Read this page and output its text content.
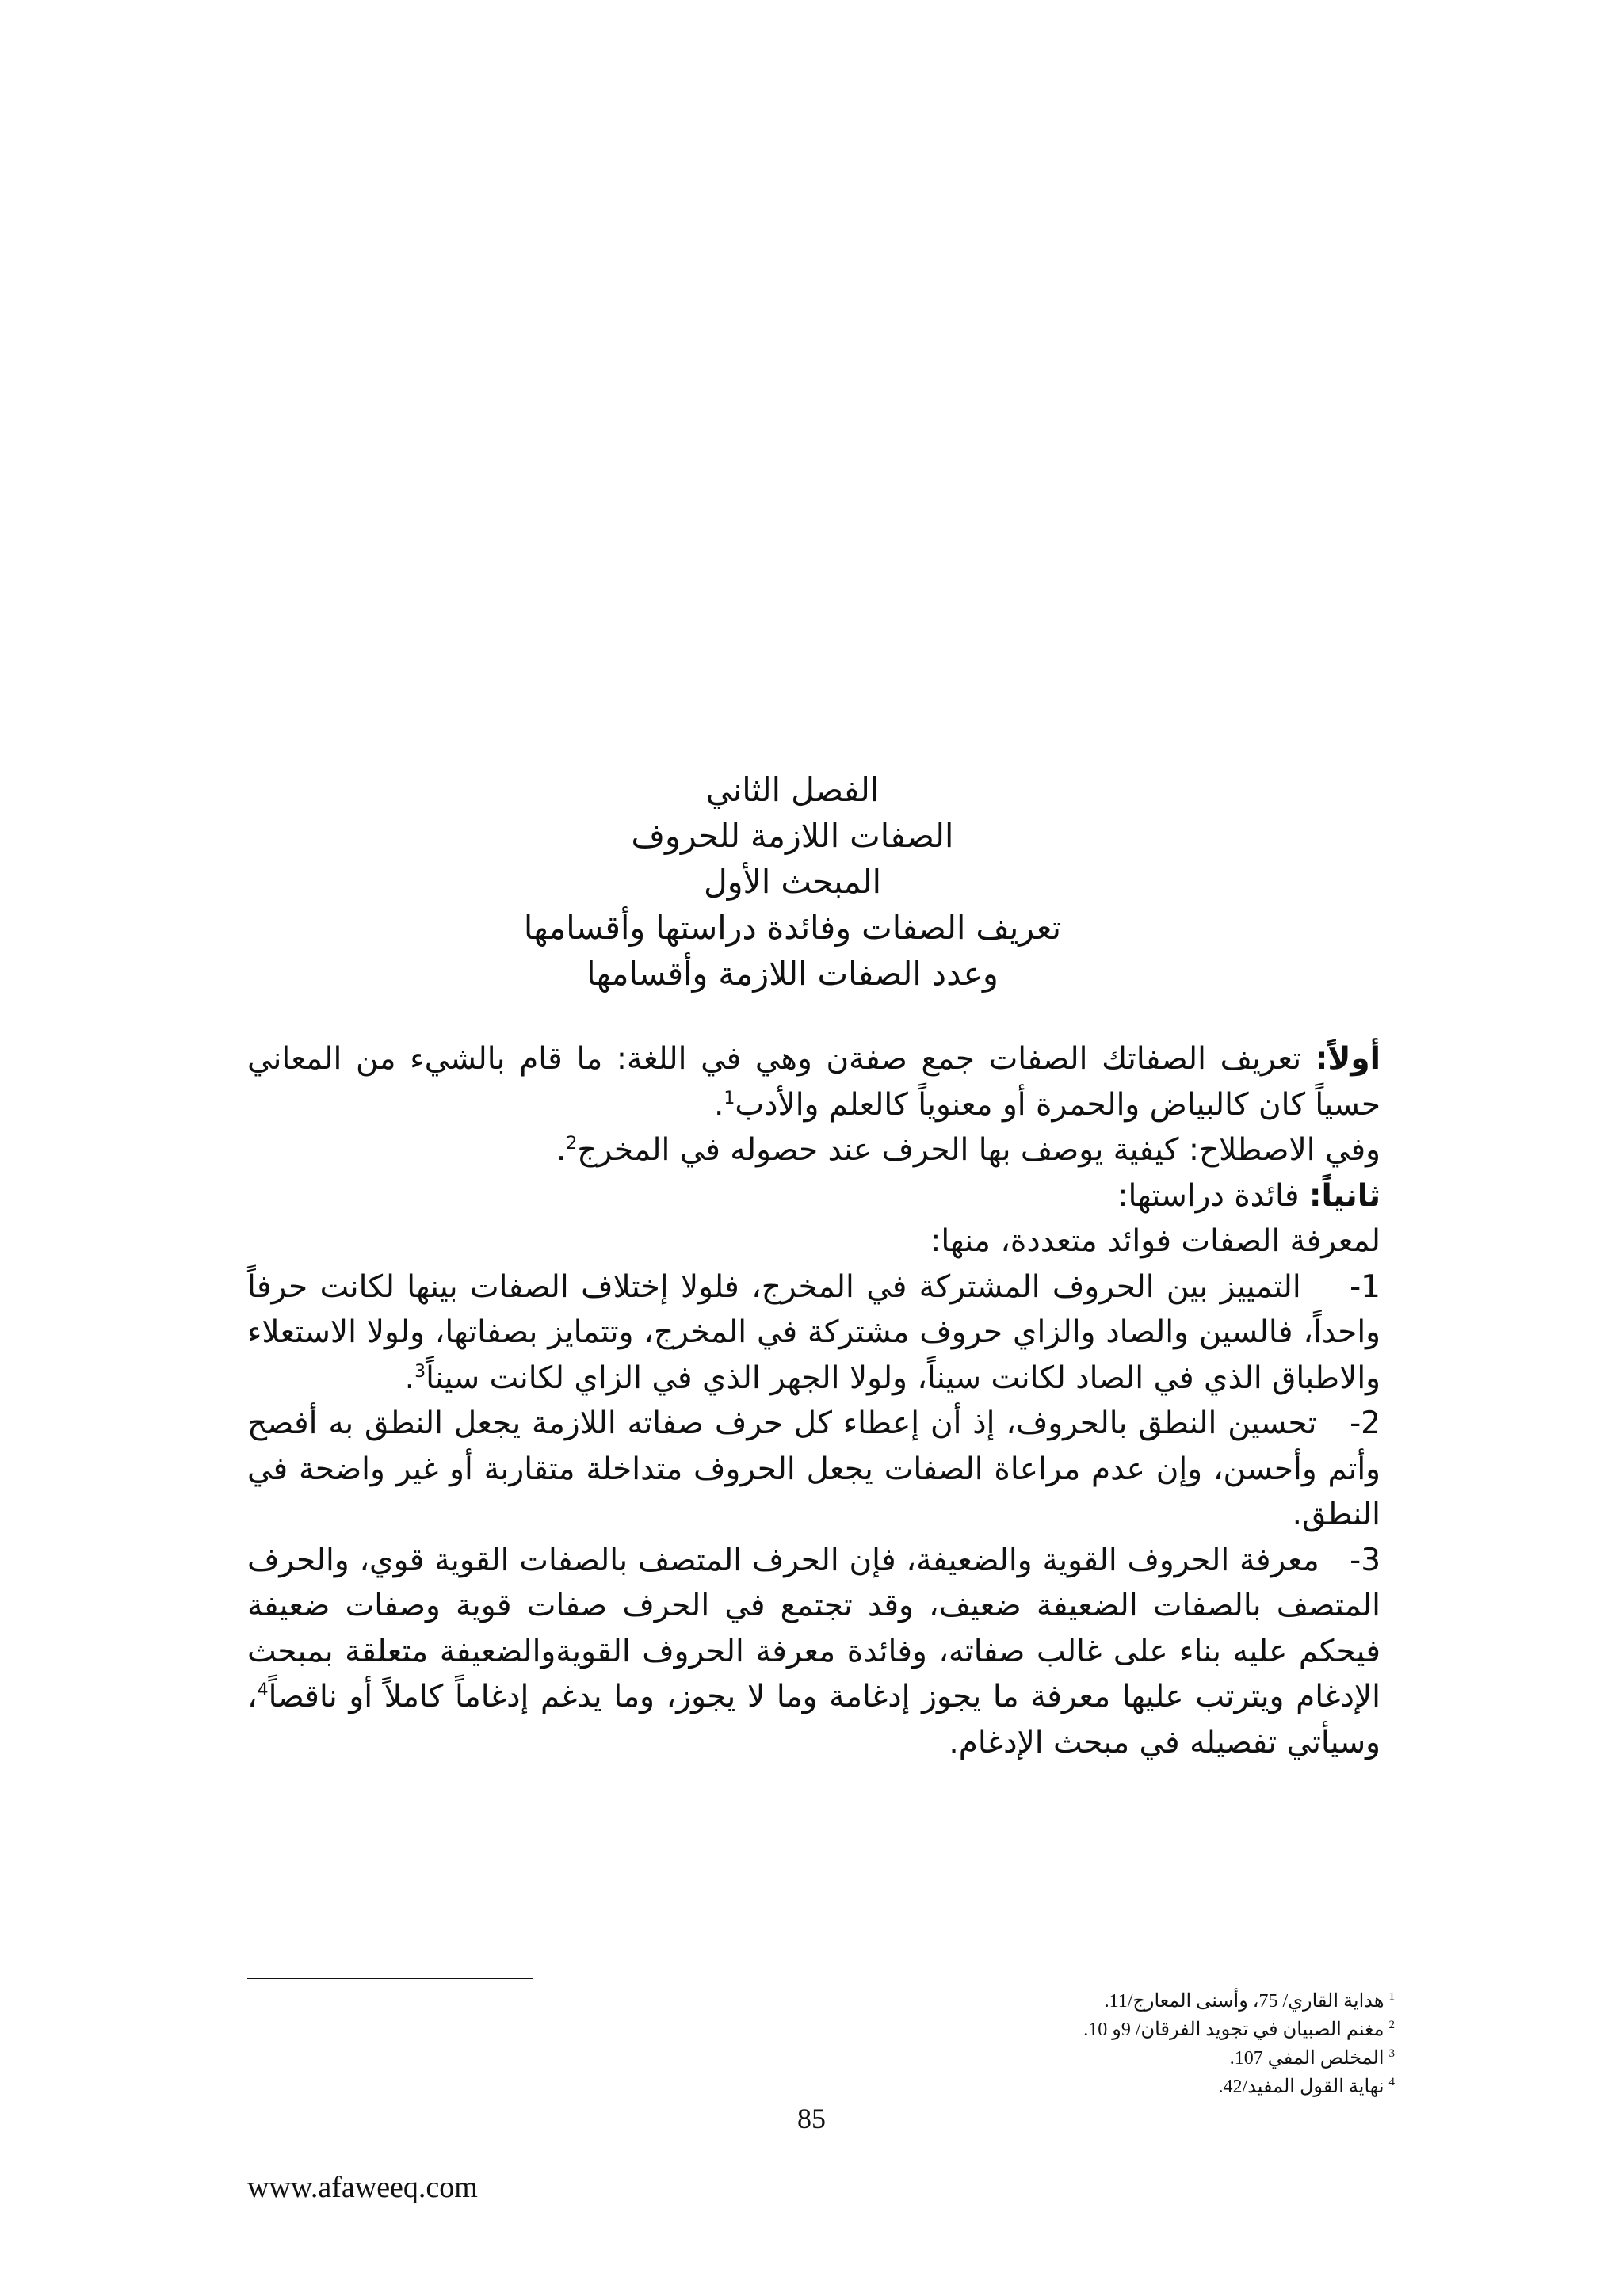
الفصل الثاني
الصفات اللازمة للحروف
المبحث الأول
تعريف الصفات وفائدة دراستها وأقسامها
وعدد الصفات اللازمة وأقسامها

أولاً: تعريف الصفاتك الصفات جمع صفةن وهي في اللغة: ما قام بالشيء من المعاني حسياً كان كالبياض والحمرة أو معنوياً كالعلم والأدب$^1$.

وفي الاصطلاح: كيفية يوصف بها الحرف عند حصوله في المخرج$^2$.

ثانياً: فائدة دراستها:

لمعرفة الصفات فوائد متعددة، منها:

1-    التمييز بين الحروف المشتركة في المخرج، فلولا إختلاف الصفات بينها لكانت حرفاً واحداً، فالسين والصاد والزاي حروف مشتركة في المخرج، وتتمايز بصفاتها، ولولا الاستعلاء والاطباق الذي في الصاد لكانت سيناً، ولولا الجهر الذي في الزاي لكانت سيناً$^3$.

2-   تحسين النطق بالحروف، إذ أن إعطاء كل حرف صفاته اللازمة يجعل النطق به أفصح وأتم وأحسن، وإن عدم مراعاة الصفات يجعل الحروف متداخلة متقاربة أو غير واضحة في النطق.

3-   معرفة الحروف القوية والضعيفة، فإن الحرف المتصف بالصفات القوية قوي، والحرف المتصف بالصفات الضعيفة ضعيف، وقد تجتمع في الحرف صفات قوية وصفات ضعيفة فيحكم عليه بناء على غالب صفاته، وفائدة معرفة الحروف القويةوالضعيفة متعلقة بمبحث الإدغام ويترتب عليها معرفة ما يجوز إدغامة وما لا يجوز، وما يدغم إدغاماً كاملاً أو ناقصاً$^4$، وسيأتي تفصيله في مبحث الإدغام.

$^1$ هداية القاري/ 75، وأسنى المعارج/11.
$^2$ مغنم الصبيان في تجويد الفرقان/ 9و 10.
$^3$ المخلص المفي 107.
$^4$ نهاية القول المفيد/42.
85
www.afaweeq.com
